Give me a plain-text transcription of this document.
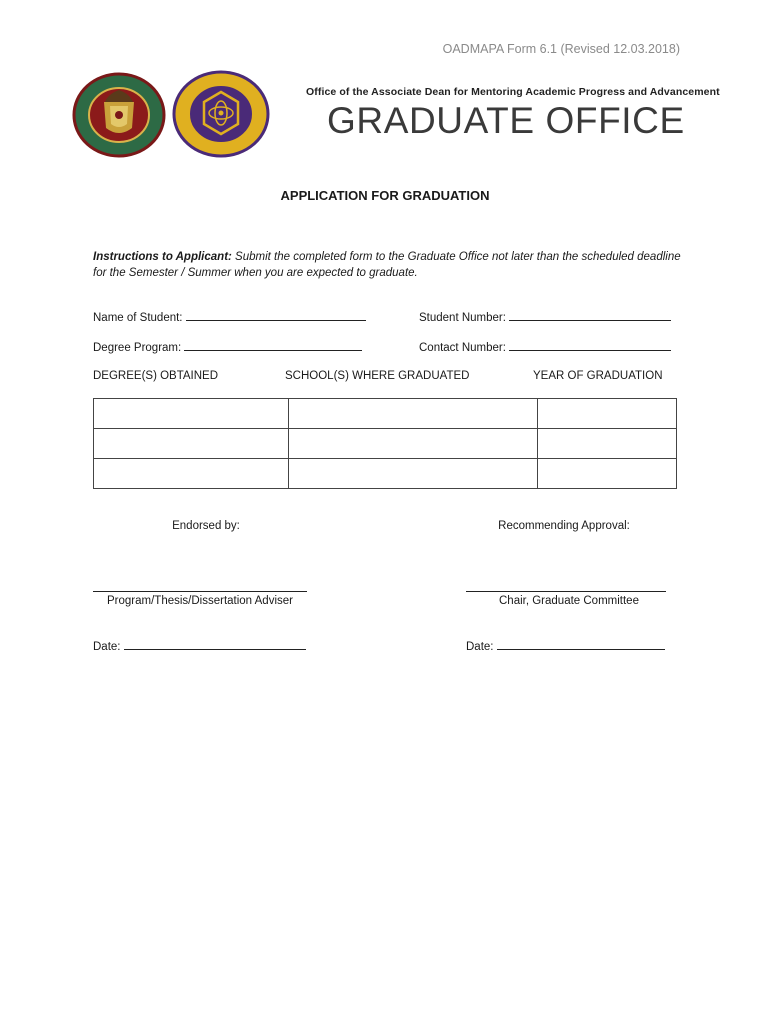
OADMAPA Form 6.1 (Revised 12.03.2018)
Office of the Associate Dean for Mentoring Academic Progress and Advancement
GRADUATE OFFICE
APPLICATION FOR GRADUATION
Instructions to Applicant: Submit the completed form to the Graduate Office not later than the scheduled deadline for the Semester / Summer when you are expected to graduate.
Name of Student:	Student Number:
Degree Program:	Contact Number:
DEGREE(S) OBTAINED	SCHOOL(S) WHERE GRADUATED	YEAR OF GRADUATION

Endorsed by:	Recommending Approval:
Program/Thesis/Dissertation Adviser	Chair, Graduate Committee
Date:	Date:
